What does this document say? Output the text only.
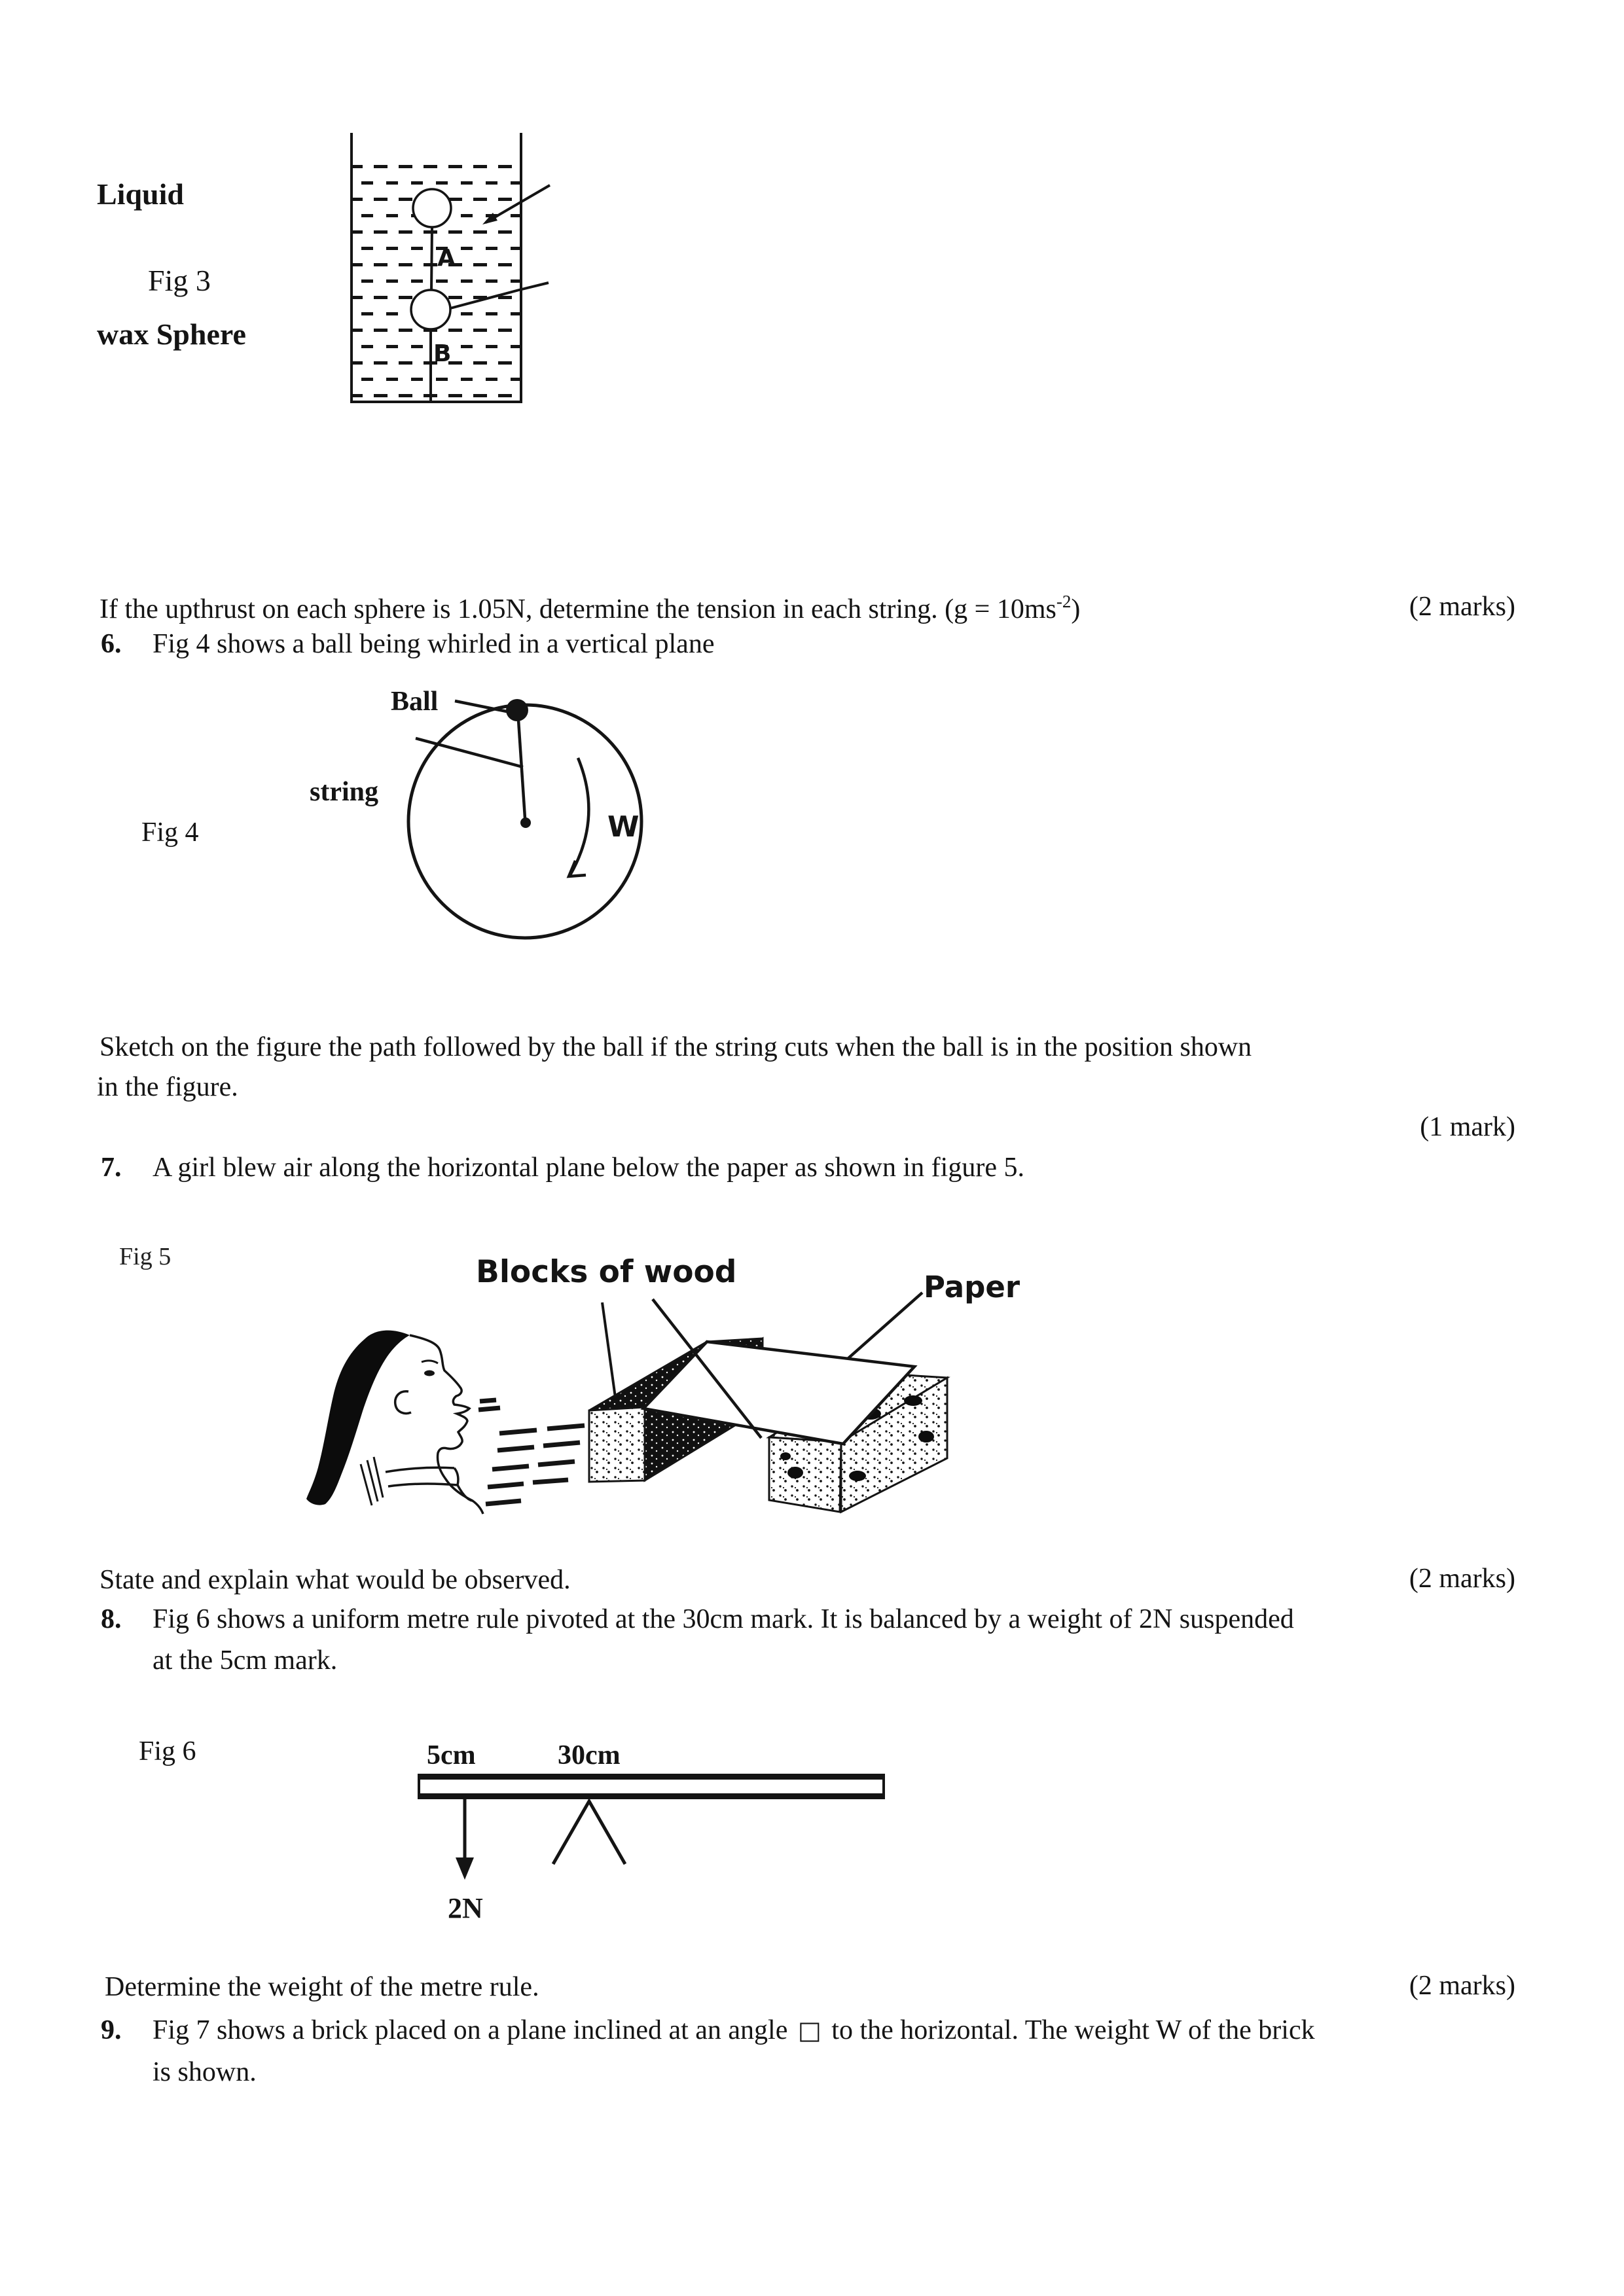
Liquid
Fig 3
wax Sphere
A
B
If the upthrust on each sphere is 1.05N, determine the tension in each string. $(g = 10ms^{-2})$	(2 marks)
6. Fig 4 shows a ball being whirled in a vertical plane
Ball
string
W
Fig 4
Sketch on the figure the path followed by the ball if the string cuts when the ball is in the position shown
in the figure.
(1 mark)
7. A girl blew air along the horizontal plane below the paper as shown in figure 5.
Fig 5	Blocks of wood	Paper
State and explain what would be observed.	(2 marks)
8. Fig 6 shows a uniform metre rule pivoted at the 30cm mark. It is balanced by a weight of 2N suspended
at the 5cm mark.
Fig 6	5cm	30cm
2N
Determine the weight of the metre rule.	(2 marks)
9. Fig 7 shows a brick placed on a plane inclined at an angle □ to the horizontal. The weight W of the brick
is shown.
